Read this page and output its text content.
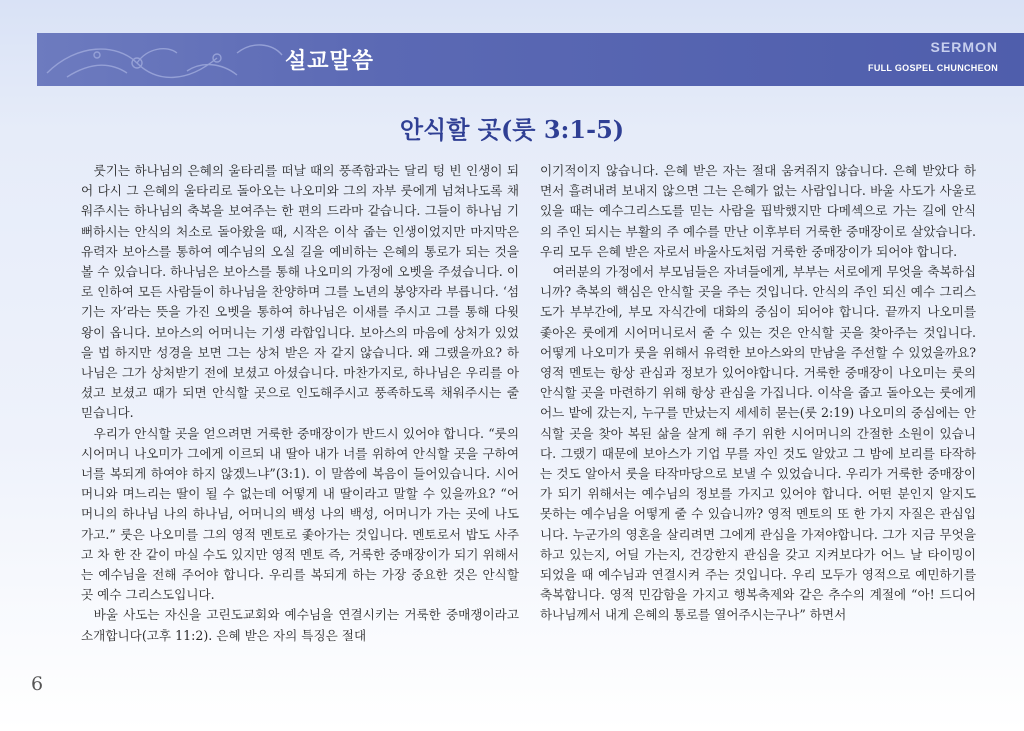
설교말씀
SERMON
FULL GOSPEL CHUNCHEON
안식할 곳(룻 3:1-5)

룻기는 하나님의 은혜의 울타리를 떠날 때의 풍족함과는 달리 텅 빈 인생이 되어 다시 그 은혜의 울타리로 돌아오는 나오미와 그의 자부 룻에게 넘쳐나도록 채워주시는 하나님의 축복을 보여주는 한 편의 드라마 같습니다. 그들이 하나님 기뻐하시는 안식의 처소로 돌아왔을 때, 시작은 이삭 줍는 인생이었지만 마지막은 유력자 보아스를 통하여 예수님의 오실 길을 예비하는 은혜의 통로가 되는 것을 볼 수 있습니다. 하나님은 보아스를 통해 나오미의 가정에 오벳을 주셨습니다. 이로 인하여 모든 사람들이 하나님을 찬양하며 그를 노년의 봉양자라 부릅니다. ‘섬기는 자’라는 뜻을 가진 오벳을 통하여 하나님은 이새를 주시고 그를 통해 다윗 왕이 옵니다. 보아스의 어머니는 기생 라합입니다. 보아스의 마음에 상처가 있었을 법 하지만 성경을 보면 그는 상처 받은 자 같지 않습니다. 왜 그랬을까요? 하나님은 그가 상처받기 전에 보셨고 아셨습니다. 마찬가지로, 하나님은 우리를 아셨고 보셨고 때가 되면 안식할 곳으로 인도해주시고 풍족하도록 채워주시는 줄 믿습니다.

우리가 안식할 곳을 얻으려면 거룩한 중매장이가 반드시 있어야 합니다. “룻의 시어머니 나오미가 그에게 이르되 내 딸아 내가 너를 위하여 안식할 곳을 구하여 너를 복되게 하여야 하지 않겠느냐”(3:1). 이 말씀에 복음이 들어있습니다. 시어머니와 며느리는 딸이 될 수 없는데 어떻게 내 딸이라고 말할 수 있을까요? “어머니의 하나님 나의 하나님, 어머니의 백성 나의 백성, 어머니가 가는 곳에 나도 가고.” 룻은 나오미를 그의 영적 멘토로 좇아가는 것입니다. 멘토로서 밥도 사주고 차 한 잔 같이 마실 수도 있지만 영적 멘토 즉, 거룩한 중매장이가 되기 위해서는 예수님을 전해 주어야 합니다. 우리를 복되게 하는 가장 중요한 것은 안식할 곳 예수 그리스도입니다.

바울 사도는 자신을 고린도교회와 예수님을 연결시키는 거룩한 중매쟁이라고 소개합니다(고후 11:2). 은혜 받은 자의 특징은 절대

이기적이지 않습니다. 은혜 받은 자는 절대 움켜쥐지 않습니다. 은혜 받았다 하면서 흘려내려 보내지 않으면 그는 은혜가 없는 사람입니다. 바울 사도가 사울로 있을 때는 예수그리스도를 믿는 사람을 핍박했지만 다메섹으로 가는 길에 안식의 주인 되시는 부활의 주 예수를 만난 이후부터 거룩한 중매장이로 살았습니다. 우리 모두 은혜 받은 자로서 바울사도처럼 거룩한 중매장이가 되어야 합니다.

여러분의 가정에서 부모님들은 자녀들에게, 부부는 서로에게 무엇을 축복하십니까? 축복의 핵심은 안식할 곳을 주는 것입니다. 안식의 주인 되신 예수 그리스도가 부부간에, 부모 자식간에 대화의 중심이 되어야 합니다. 끝까지 나오미를 좇아온 룻에게 시어머니로서 줄 수 있는 것은 안식할 곳을 찾아주는 것입니다. 어떻게 나오미가 룻을 위해서 유력한 보아스와의 만남을 주선할 수 있었을까요? 영적 멘토는 항상 관심과 정보가 있어야합니다. 거룩한 중매장이 나오미는 룻의 안식할 곳을 마련하기 위해 항상 관심을 가집니다. 이삭을 줍고 돌아오는 룻에게 어느 밭에 갔는지, 누구를 만났는지 세세히 묻는(룻 2:19) 나오미의 중심에는 안식할 곳을 찾아 복된 삶을 살게 해 주기 위한 시어머니의 간절한 소원이 있습니다. 그랬기 때문에 보아스가 기업 무를 자인 것도 알았고 그 밤에 보리를 타작하는 것도 알아서 룻을 타작마당으로 보낼 수 있었습니다. 우리가 거룩한 중매장이가 되기 위해서는 예수님의 정보를 가지고 있어야 합니다. 어떤 분인지 알지도 못하는 예수님을 어떻게 줄 수 있습니까? 영적 멘토의 또 한 가지 자질은 관심입니다. 누군가의 영혼을 살리려면 그에게 관심을 가져야합니다. 그가 지금 무엇을 하고 있는지, 어딜 가는지, 건강한지 관심을 갖고 지켜보다가 어느 날 타이밍이 되었을 때 예수님과 연결시켜 주는 것입니다. 우리 모두가 영적으로 예민하기를 축복합니다. 영적 민감함을 가지고 행복축제와 같은 추수의 계절에 “아! 드디어 하나님께서 내게 은혜의 통로를 열어주시는구나” 하면서

6
